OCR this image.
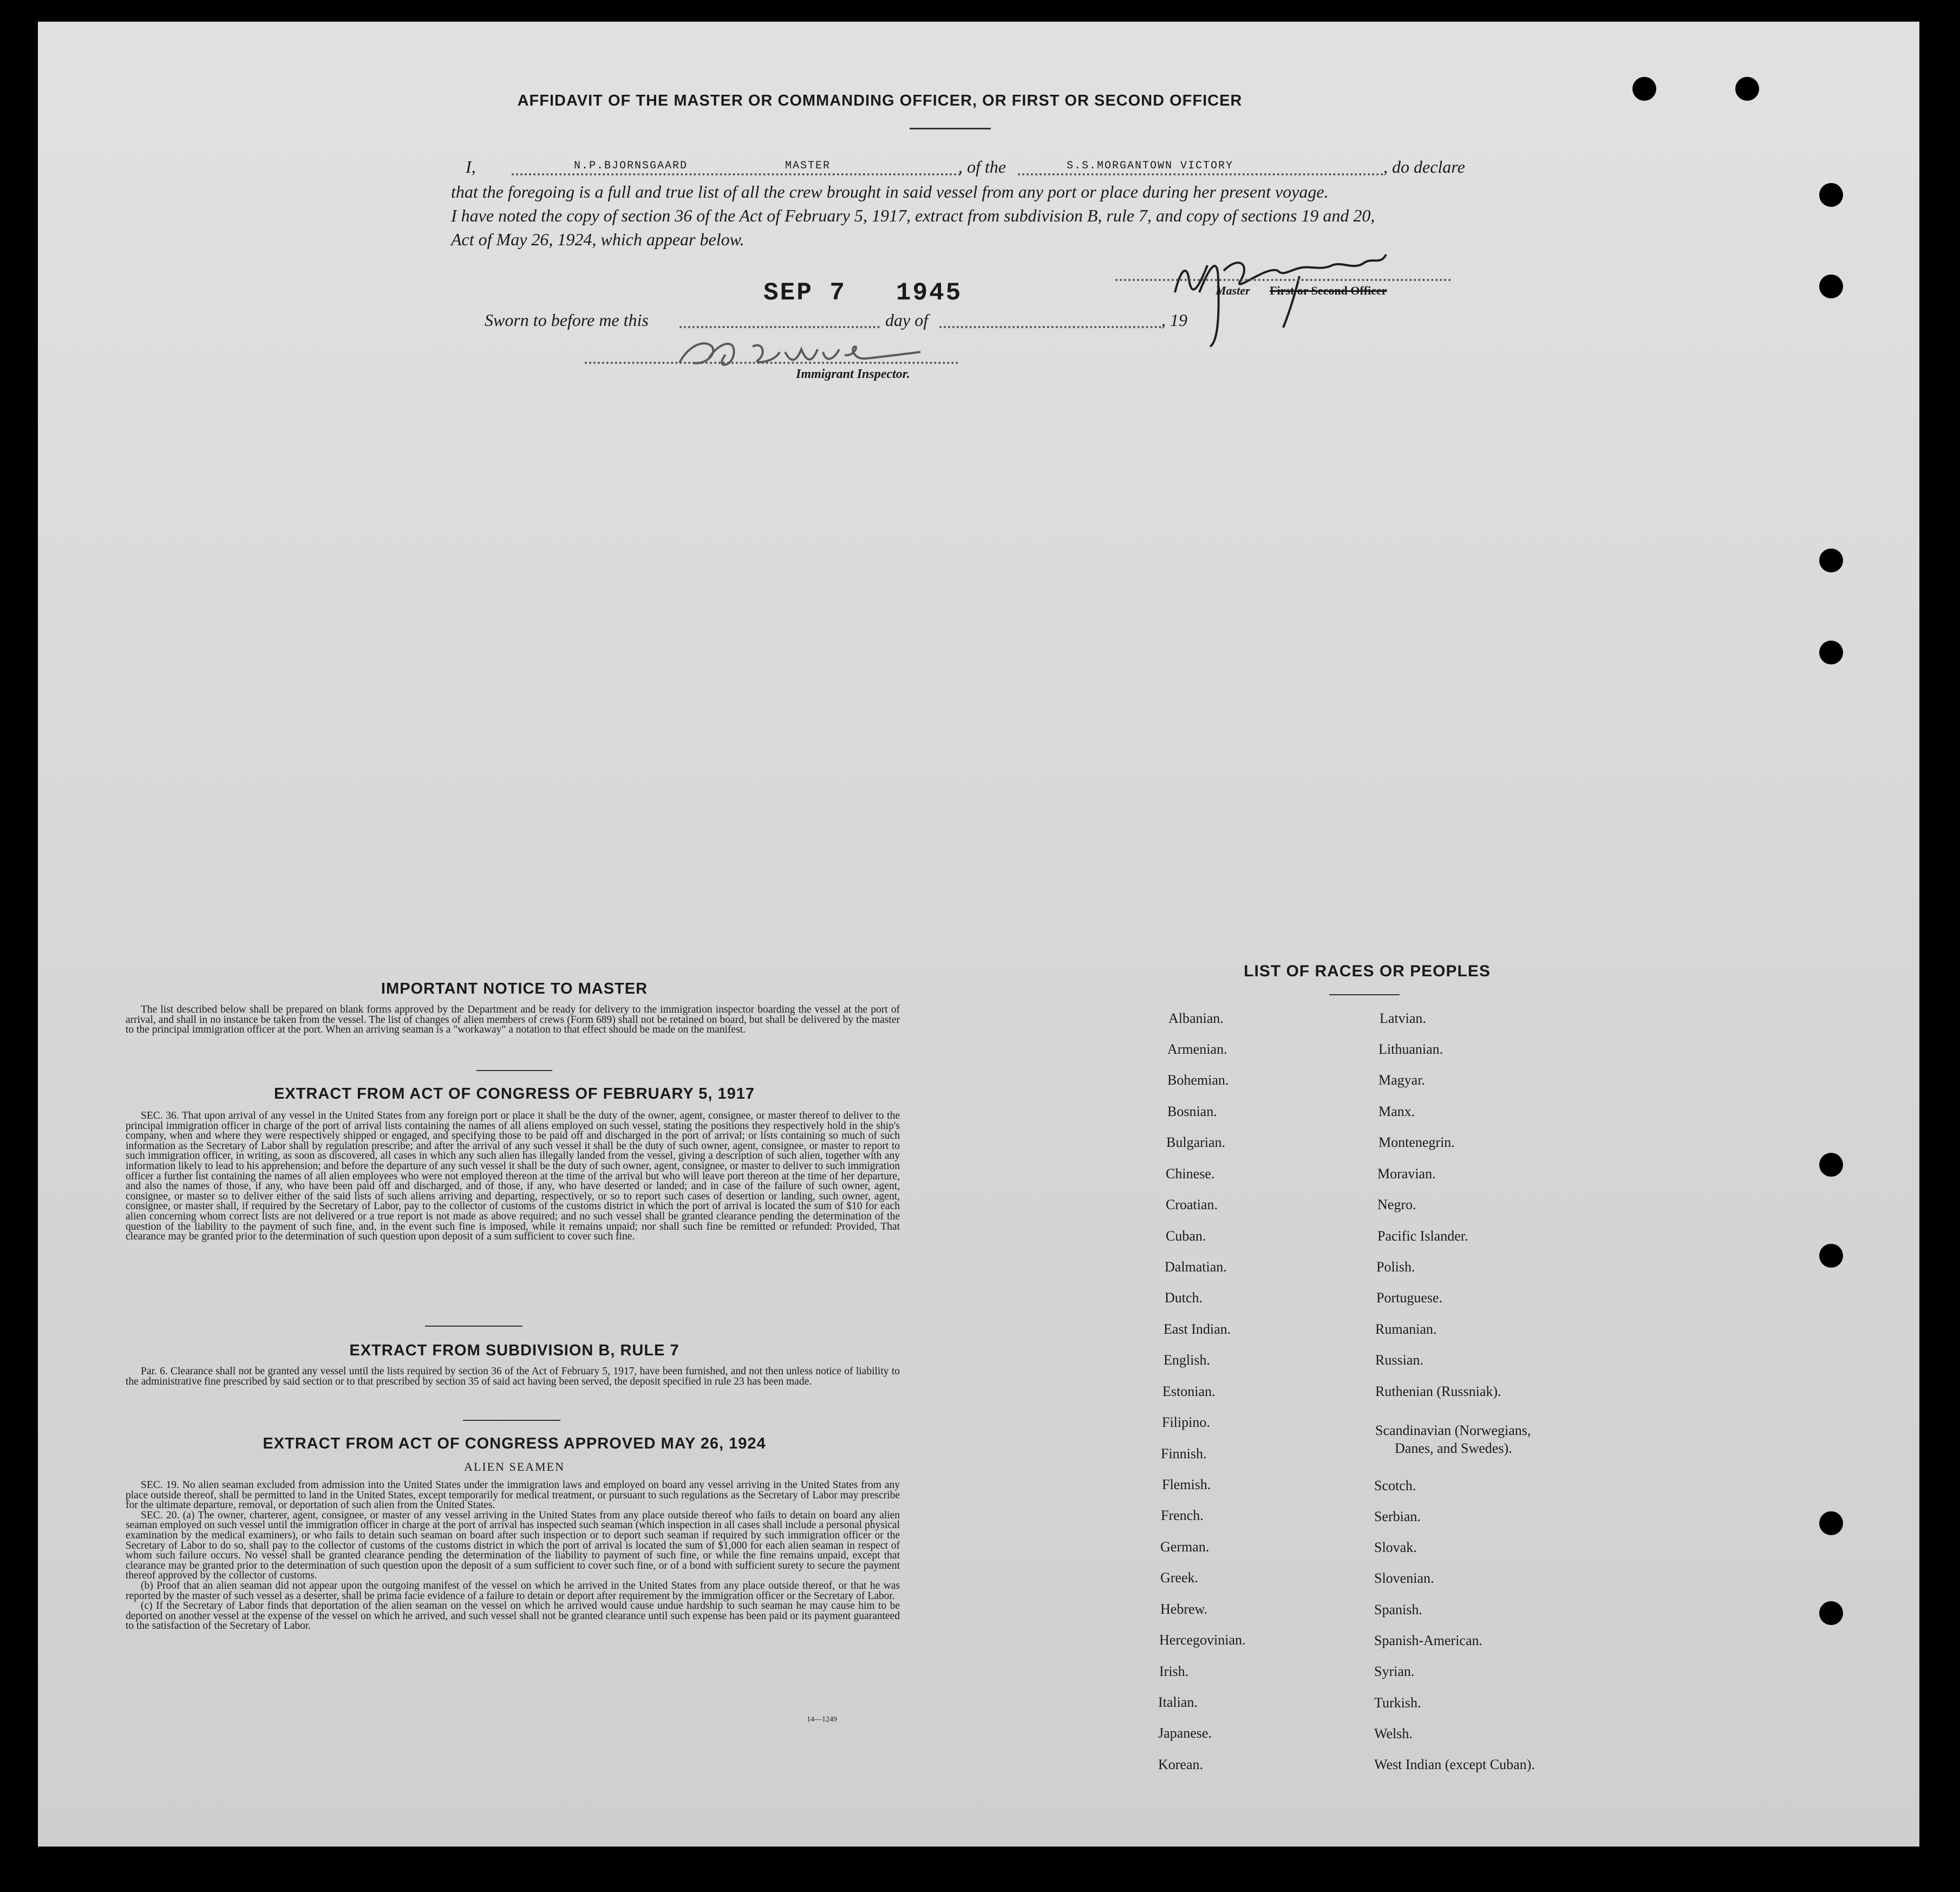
AFFIDAVIT OF THE MASTER OR COMMANDING OFFICER, OR FIRST OR SECOND OFFICER
I,	N.P.BJORNSGAARD	MASTER	, of the	S.S.MORGANTOWN VICTORY	, do declare
that the foregoing is a full and true list of all the crew brought in said vessel from any port or place during her present voyage.
I have noted the copy of section 36 of the Act of February 5, 1917, extract from subdivision B, rule 7, and copy of sections 19 and 20,
Act of May 26, 1924, which appear below.
Master First or Second Officer
SEP 7   1945
Sworn to before me this	day of	, 19
Immigrant Inspector.
IMPORTANT NOTICE TO MASTER

The list described below shall be prepared on blank forms approved by the Department and be ready for delivery to the immigration inspector boarding the vessel at the port of arrival, and shall in no instance be taken from the vessel. The list of changes of alien members of crews (Form 689) shall not be retained on board, but shall be delivered by the master to the principal immigration officer at the port. When an arriving seaman is a "workaway" a notation to that effect should be made on the manifest.

EXTRACT FROM ACT OF CONGRESS OF FEBRUARY 5, 1917

SEC. 36. That upon arrival of any vessel in the United States from any foreign port or place it shall be the duty of the owner, agent, consignee, or master thereof to deliver to the principal immigration officer in charge of the port of arrival lists containing the names of all aliens employed on such vessel, stating the positions they respectively hold in the ship's company, when and where they were respectively shipped or engaged, and specifying those to be paid off and discharged in the port of arrival; or lists containing so much of such information as the Secretary of Labor shall by regulation prescribe; and after the arrival of any such vessel it shall be the duty of such owner, agent, consignee, or master to report to such immigration officer, in writing, as soon as discovered, all cases in which any such alien has illegally landed from the vessel, giving a description of such alien, together with any information likely to lead to his apprehension; and before the departure of any such vessel it shall be the duty of such owner, agent, consignee, or master to deliver to such immigration officer a further list containing the names of all alien employees who were not employed thereon at the time of the arrival but who will leave port thereon at the time of her departure, and also the names of those, if any, who have been paid off and discharged, and of those, if any, who have deserted or landed; and in case of the failure of such owner, agent, consignee, or master so to deliver either of the said lists of such aliens arriving and departing, respectively, or so to report such cases of desertion or landing, such owner, agent, consignee, or master shall, if required by the Secretary of Labor, pay to the collector of customs of the customs district in which the port of arrival is located the sum of $10 for each alien concerning whom correct lists are not delivered or a true report is not made as above required; and no such vessel shall be granted clearance pending the determination of the question of the liability to the payment of such fine, and, in the event such fine is imposed, while it remains unpaid; nor shall such fine be remitted or refunded: Provided, That clearance may be granted prior to the determination of such question upon deposit of a sum sufficient to cover such fine.

EXTRACT FROM SUBDIVISION B, RULE 7

Par. 6. Clearance shall not be granted any vessel until the lists required by section 36 of the Act of February 5, 1917, have been furnished, and not then unless notice of liability to the administrative fine prescribed by said section or to that prescribed by section 35 of said act having been served, the deposit specified in rule 23 has been made.

EXTRACT FROM ACT OF CONGRESS APPROVED MAY 26, 1924
ALIEN SEAMEN

SEC. 19. No alien seaman excluded from admission into the United States under the immigration laws and employed on board any vessel arriving in the United States from any place outside thereof, shall be permitted to land in the United States, except temporarily for medical treatment, or pursuant to such regulations as the Secretary of Labor may prescribe for the ultimate departure, removal, or deportation of such alien from the United States.

SEC. 20. (a) The owner, charterer, agent, consignee, or master of any vessel arriving in the United States from any place outside thereof who fails to detain on board any alien seaman employed on such vessel until the immigration officer in charge at the port of arrival has inspected such seaman (which inspection in all cases shall include a personal physical examination by the medical examiners), or who fails to detain such seaman on board after such inspection or to deport such seaman if required by such immigration officer or the Secretary of Labor to do so, shall pay to the collector of customs of the customs district in which the port of arrival is located the sum of $1,000 for each alien seaman in respect of whom such failure occurs. No vessel shall be granted clearance pending the determination of the liability to payment of such fine, or while the fine remains unpaid, except that clearance may be granted prior to the determination of such question upon the deposit of a sum sufficient to cover such fine, or of a bond with sufficient surety to secure the payment thereof approved by the collector of customs.

(b) Proof that an alien seaman did not appear upon the outgoing manifest of the vessel on which he arrived in the United States from any place outside thereof, or that he was reported by the master of such vessel as a deserter, shall be prima facie evidence of a failure to detain or deport after requirement by the immigration officer or the Secretary of Labor.

(c) If the Secretary of Labor finds that deportation of the alien seaman on the vessel on which he arrived would cause undue hardship to such seaman he may cause him to be deported on another vessel at the expense of the vessel on which he arrived, and such vessel shall not be granted clearance until such expense has been paid or its payment guaranteed to the satisfaction of the Secretary of Labor.

14—1249
LIST OF RACES OR PEOPLES
Albanian.
Armenian.
Bohemian.
Bosnian.
Bulgarian.
Chinese.
Croatian.
Cuban.
Dalmatian.
Dutch.
East Indian.
English.
Estonian.
Filipino.
Finnish.
Flemish.
French.
German.
Greek.
Hebrew.
Hercegovinian.
Irish.
Italian.
Japanese.
Korean.
Latvian.
Lithuanian.
Magyar.
Manx.
Montenegrin.
Moravian.
Negro.
Pacific Islander.
Polish.
Portuguese.
Rumanian.
Russian.
Ruthenian (Russniak).
Scandinavian (Norwegians,
Danes, and Swedes).
Scotch.
Serbian.
Slovak.
Slovenian.
Spanish.
Spanish-American.
Syrian.
Turkish.
Welsh.
West Indian (except Cuban).
